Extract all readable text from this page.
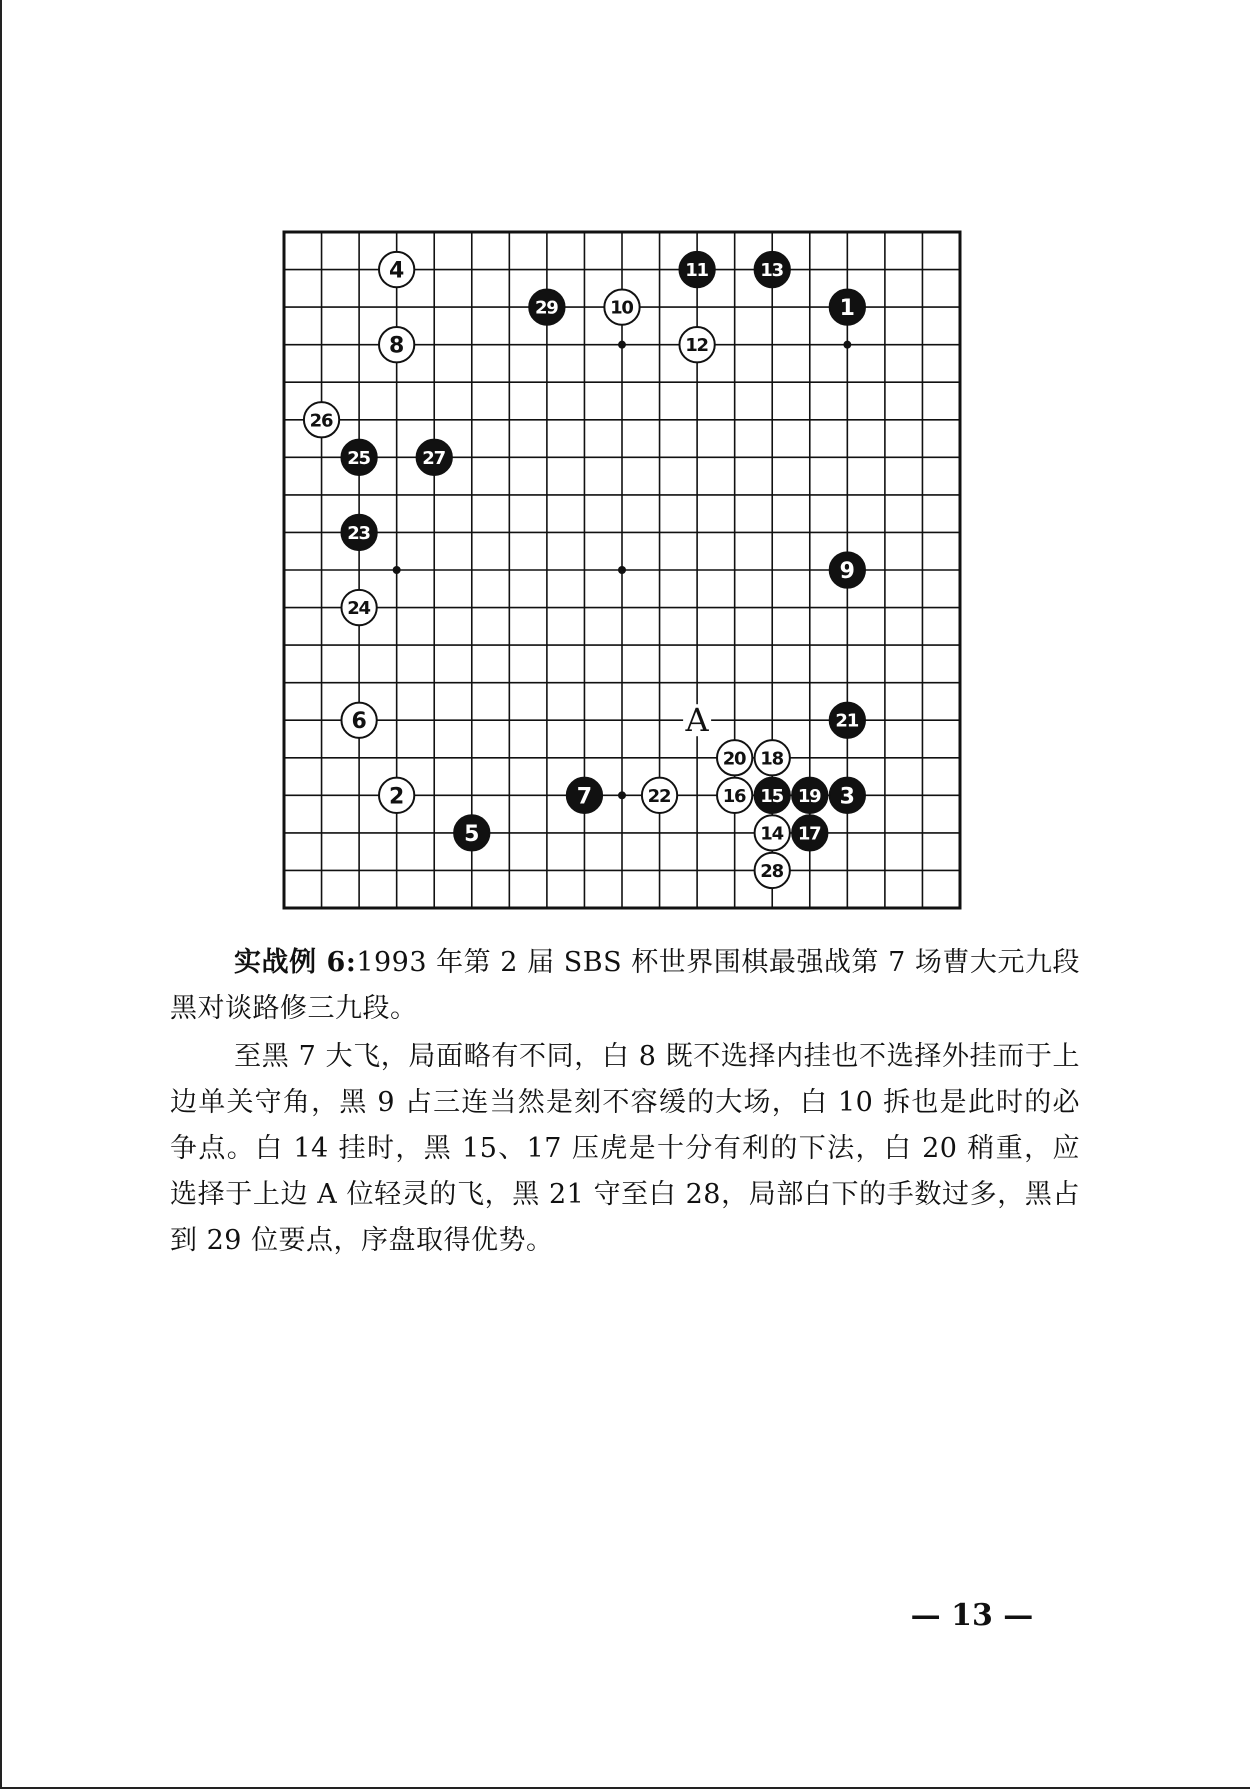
A
1
2	3
4
5
6
7
8
9
10
11
12
13
14
15
16
17
18
19
20
21
22
23
24
25
26
27
28
29
实战例 6:1993 年第 2 届 SBS 杯世界围棋最强战第 7 场曹大元九段黑对谈路修三九段。
至黑 7 大飞，局面略有不同，白 8 既不选择内挂也不选择外挂而于上边单关守角，黑 9 占三连当然是刻不容缓的大场，白 10 拆也是此时的必争点。白 14 挂时，黑 15、17 压虎是十分有利的下法，白 20 稍重，应选择于上边 A 位轻灵的飞，黑 21 守至白 28，局部白下的手数过多，黑占到 29 位要点，序盘取得优势。
— 13 —
